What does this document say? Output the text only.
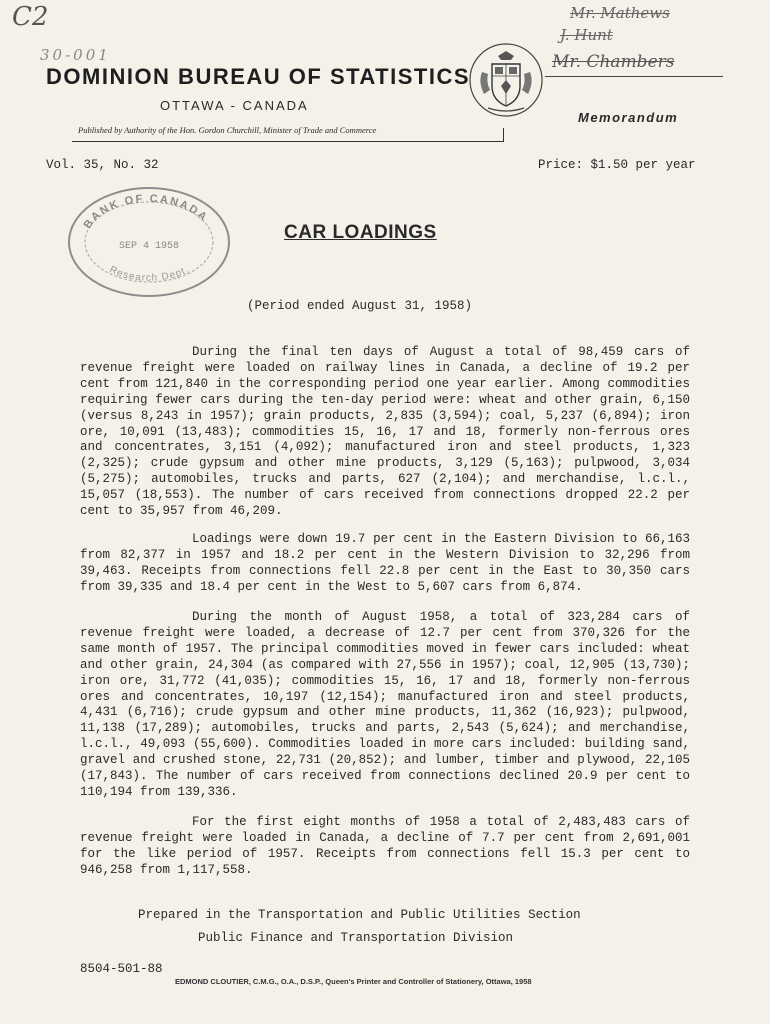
C2
30-001
Mr. Mathews
J. Hunt
Mr. Chambers
DOMINION BUREAU OF STATISTICS
OTTAWA - CANADA
Published by Authority of the Hon. Gordon Churchill, Minister of Trade and Commerce
Memorandum
Vol. 35, No. 32	Price: $1.50 per year
BANK OF CANADA
SEP 4 1958
Research Dept.
CAR LOADINGS
(Period ended August 31, 1958)

During the final ten days of August a total of 98,459 cars of revenue freight were loaded on railway lines in Canada, a decline of 19.2 per cent from 121,840 in the corresponding period one year earlier. Among commodities requiring fewer cars during the ten-day period were: wheat and other grain, 6,150 (versus 8,243 in 1957); grain products, 2,835 (3,594); coal, 5,237 (6,894); iron ore, 10,091 (13,483); commodities 15, 16, 17 and 18, formerly non-ferrous ores and concentrates, 3,151 (4,092); manufactured iron and steel products, 1,323 (2,325); crude gypsum and other mine products, 3,129 (5,163); pulpwood, 3,034 (5,275); automobiles, trucks and parts, 627 (2,104); and merchandise, l.c.l., 15,057 (18,553). The number of cars received from connections dropped 22.2 per cent to 35,957 from 46,209.

Loadings were down 19.7 per cent in the Eastern Division to 66,163 from 82,377 in 1957 and 18.2 per cent in the Western Division to 32,296 from 39,463. Receipts from connections fell 22.8 per cent in the East to 30,350 cars from 39,335 and 18.4 per cent in the West to 5,607 cars from 6,874.

During the month of August 1958, a total of 323,284 cars of revenue freight were loaded, a decrease of 12.7 per cent from 370,326 for the same month of 1957. The principal commodities moved in fewer cars included: wheat and other grain, 24,304 (as compared with 27,556 in 1957); coal, 12,905 (13,730); iron ore, 31,772 (41,035); commodities 15, 16, 17 and 18, formerly non-ferrous ores and concentrates, 10,197 (12,154); manufactured iron and steel products, 4,431 (6,716); crude gypsum and other mine products, 11,362 (16,923); pulpwood, 11,138 (17,289); automobiles, trucks and parts, 2,543 (5,624); and merchandise, l.c.l., 49,093 (55,600). Commodities loaded in more cars included: building sand, gravel and crushed stone, 22,731 (20,852); and lumber, timber and plywood, 22,105 (17,843). The number of cars received from connections declined 20.9 per cent to 110,194 from 139,336.

For the first eight months of 1958 a total of 2,483,483 cars of revenue freight were loaded in Canada, a decline of 7.7 per cent from 2,691,001 for the like period of 1957. Receipts from connections fell 15.3 per cent to 946,258 from 1,117,558.

Prepared in the Transportation and Public Utilities Section
Public Finance and Transportation Division
8504-501-88
EDMOND CLOUTIER, C.M.G., O.A., D.S.P., Queen's Printer and Controller of Stationery, Ottawa, 1958
